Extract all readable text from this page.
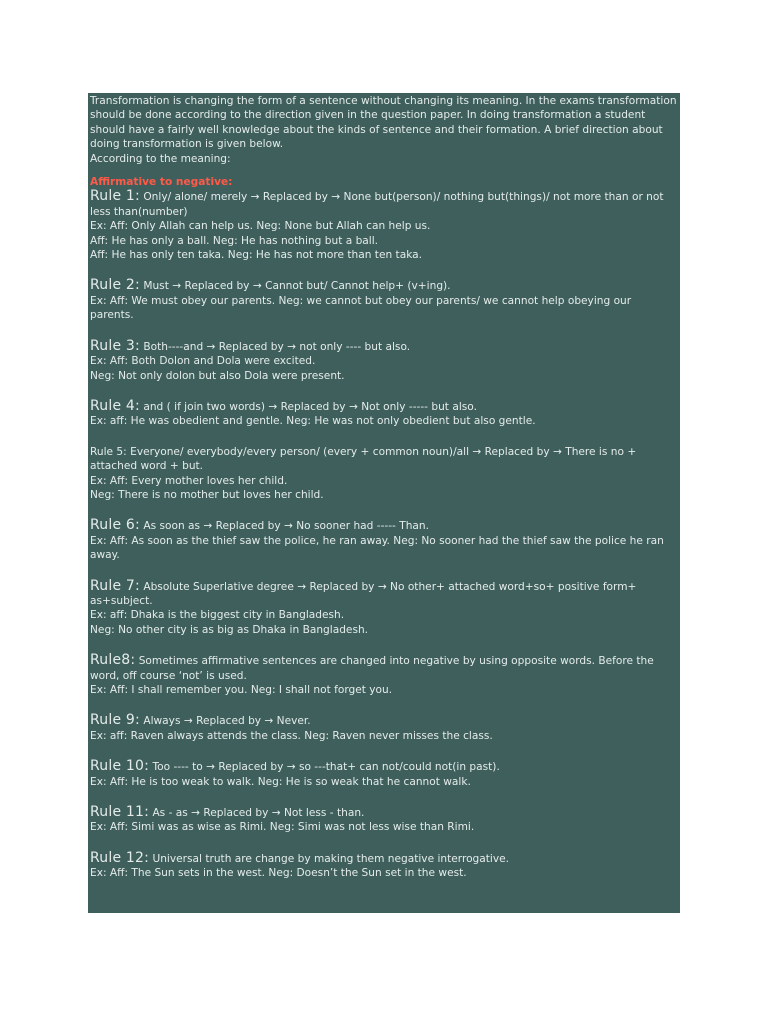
Transformation is changing the form of a sentence without changing its meaning. In the exams transformation should be done according to the direction given in the question paper. In doing transformation a student should have a fairly well knowledge about the kinds of sentence and their formation. A brief direction about doing transformation is given below.

According to the meaning:

Affirmative to negative:

Rule 1: Only/ alone/ merely → Replaced by → None but(person)/ nothing but(things)/ not more than or not less than(number)

Ex: Aff: Only Allah can help us. Neg: None but Allah can help us.

Aff: He has only a ball. Neg: He has nothing but a ball.

Aff: He has only ten taka. Neg: He has not more than ten taka.

Rule 2: Must → Replaced by → Cannot but/ Cannot help+ (v+ing).

Ex: Aff: We must obey our parents. Neg: we cannot but obey our parents/ we cannot help obeying our parents.

Rule 3: Both----and → Replaced by → not only ---- but also.

Ex: Aff: Both Dolon and Dola were excited.

Neg: Not only dolon but also Dola were present.

Rule 4: and ( if join two words) → Replaced by → Not only ----- but also.

Ex: aff: He was obedient and gentle. Neg: He was not only obedient but also gentle.

Rule 5: Everyone/ everybody/every person/ (every + common noun)/all → Replaced by → There is no + attached word + but.

Ex: Aff: Every mother loves her child.

Neg: There is no mother but loves her child.

Rule 6: As soon as → Replaced by → No sooner had ----- Than.

Ex: Aff: As soon as the thief saw the police, he ran away. Neg: No sooner had the thief saw the police he ran away.

Rule 7: Absolute Superlative degree → Replaced by → No other+ attached word+so+ positive form+ as+subject.

Ex: aff: Dhaka is the biggest city in Bangladesh.

Neg: No other city is as big as Dhaka in Bangladesh.

Rule8: Sometimes affirmative sentences are changed into negative by using opposite words. Before the word, off course ‘not’ is used.

Ex: Aff: I shall remember you. Neg: I shall not forget you.

Rule 9: Always → Replaced by → Never.

Ex: aff: Raven always attends the class. Neg: Raven never misses the class.

Rule 10: Too ---- to → Replaced by → so ---that+ can not/could not(in past).

Ex: Aff: He is too weak to walk. Neg: He is so weak that he cannot walk.

Rule 11: As - as → Replaced by → Not less - than.

Ex: Aff: Simi was as wise as Rimi. Neg: Simi was not less wise than Rimi.

Rule 12: Universal truth are change by making them negative interrogative.

Ex: Aff: The Sun sets in the west. Neg: Doesn’t the Sun set in the west.
